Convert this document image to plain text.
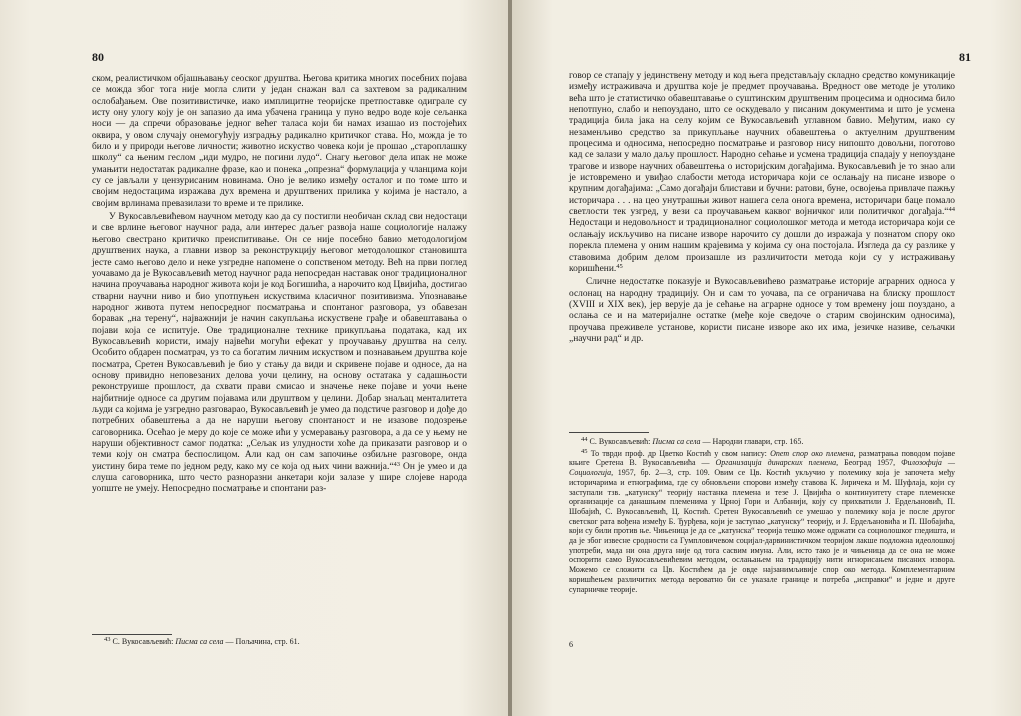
80

ском, реалистичком објашњавању сеоског друштва. Његова критика многих посебних појава се можда због тога није могла слити у један снажан вал са захтевом за радикалним ослобађањем. Ове позитивистичке, иако имплицитне теоријске претпоставке одиграле су исту ону улогу коју је он запазио да има убачена граница у пуно ведро воде које сељанка носи — да спречи образовање једног већег таласа који би намах изашао из постојећих оквира, у овом случају онемогућују изградњу радикално критичког става. Но, можда је то било и у природи његове личности; животно искуство човека који је прошао „староплашку школу“ са њеним геслом „иди мудро, не погини лудо“. Снагу његовог дела ипак не може умањити недостатак радикалне фразе, као и понека „опрезна“ формулација у чланцима који су се јављали у цензурисаним новинама. Оно је велико између осталог и по томе што и својим недостацима изражава дух времена и друштвених прилика у којима је настало, а својим врлинама превазилази то време и те прилике.

У Вукосављевићевом научном методу као да су постигли необичан склад сви недостаци и све врлине његовог научног рада, али интерес даљег развоја наше социологије налажу његово свестрано критичко преиспитивање. Он се није посебно бавио методологијом друштвених наука, а главни извор за реконструкцију његовог методолошког становишта јесте само његово дело и неке узгредне напомене о сопственом методу. Већ на први поглед уочавамо да је Вукосављевић метод научног рада непосредан наставак оног традиционалног начина проучавања народног живота који је код Богишића, а нарочито код Цвијића, достигао стварни научни ниво и био употпуњен искуствима класичног позитивизма. Упознавање народног живота путем непосредног посматрања и спонтаног разговора, уз обавезан боравак „на терену“, најважнији је начин сакупљања искуствене грађе и обавештавања о појави која се испитује. Ове традиционалне технике прикупљања података, кад их Вукосављевић користи, имају највећи могући ефекат у проучавању друштва на селу. Особито обдарен посматрач, уз то са богатим личним искуством и познавањем друштва које посматра, Сретен Вукосављевић је био у стању да види и скривене појаве и односе, да на основу привидно неповезаних делова уочи целину, на основу остатака у садашњости реконструише прошлост, да схвати прави смисао и значење неке појаве и уочи њене најбитније односе са другим појавама или друштвом у целини. Добар знаљац менталитета људи са којима је узгредно разговарао, Вукосављевић је умео да подстиче разговор и дође до потребних обавештења а да не наруши његову спонтаност и не изазове подозрење саговорника. Осећао је меру до које се може ићи у усмеравању разговора, а да се у њему не наруши објективност самог податка: „Сељак из улудности хоће да приказати разговор и о теми коју он сматра беспослицом. Али кад он сам започиње озбиљне разговоре, онда уистину бира теме по једном реду, како му се која од њих чини важнија.“$^{43}$ Он је умео и да слуша саговорника, што често разноразни анкетари који залазе у шире слојеве народа уопште не умеју. Непосредно посматрање и спонтани раз-

$^{43}$ С. Вукосављевић: Писма са села — Пољачина, стр. 61.

81

говор се стапају у јединствену методу и код њега представљају складно средство комуникације између истраживача и друштва које је предмет проучавања. Вредност ове методе је утолико већа што је статистичко обавештавање о суштинским друштвеним процесима и односима било непотпуно, слабо и непоуздано, што се оскудевало у писаним документима и што је усмена традиција била јака на селу којим се Вукосављевић углавном бавио. Међутим, иако су незаменљиво средство за прикупљање научних обавештења о актуелним друштвеним процесима и односима, непосредно посматрање и разговор нису нипошто довољни, поготово кад се залази у мало даљу прошлост. Народно сећање и усмена традиција спадају у непоуздане трагове и изворе научних обавештења о историјским догађајима. Вукосављевић је то знао али је истовремено и увиђао слабости метода историчара који се ослањају на писане изворе о крупним догађајима: „Само догађаји блистави и бучни: ратови, буне, освојења привлаче пажњу историчара . . . на цео унутрашњи живот нашега села онога времена, историчари баце помало светлости тек узгред, у вези са проучавањем каквог војничког или политичког догађаја.“$^{44}$ Недостаци и недовољност и традиционалног социолошког метода и метода историчара који се ослањају искључиво на писане изворе нарочито су дошли до изражаја у познатом спору око порекла племена у оним нашим крајевима у којима су она постојала. Изгледа да су разлике у ставовима добрим делом произашле из различитости метода који су у истраживању коришћени.$^{45}$

Сличне недостатке показује и Вукосављевићево разматрање историје аграрних односа у ослонац на народну традицију. Он и сам то уочава, па се ограничава на блиску прошлост (XVIII и XIX век), јер верује да је сећање на аграрне односе у том времену још поуздано, а ослања се и на материјалне остатке (међе које сведоче о старим својинским односима), проучава преживеле установе, користи писане изворе ако их има, језичке називе, сељачки „научни рад“ и др.

$^{44}$ С. Вукосављевић: Писма са села — Народни главари, стр. 165.

$^{45}$ То тврди проф. др Цветко Костић у свом напису: Опет спор око племена, разматрања поводом појаве књиге Сретена В. Вукосављевића — Организација динарских племена, Београд 1957, Филозофија — Социологија, 1957, бр. 2—3, стр. 109. Овим се Цв. Костић укључио у полемику која је започета међу историчарима и етнографима, где су обновљени спорови између ставова К. Јиричека и М. Шуфлаја, који су заступали тзв. „катунску“ теорију настанка племена и тезе Ј. Цвијића о континуитету старе племенске организације са данашњим племенима у Црној Гори и Албанији, коју су прихватили Ј. Ердељановић, П. Шобајић, С. Вукосављевић, Ц. Костић. Сретен Вукосављевић се умешао у полемику која је после другог светског рата вођена између Б. Ђурђева, који је заступао „катунску“ теорију, и Ј. Ердељановића и П. Шобајића, који су били против ње. Чињеница је да се „катунска“ теорија тешко може одржати са социолошког гледишта, и да је због извесне сродности са Гумпловичевом социјал-дарвинистичком теоријом лакше подложна идеолошкој употреби, мада ни она друга није од тога сасвим имуна. Али, исто тако је и чињеница да се она не може оспорити само Вукосављевићевим методом, ослањањем на традицију нити игнорисањем писаних извора. Можемо се сложити са Цв. Костићем да је овде најзанимљивије спор око метода. Комплементарним коришћењем различитих метода вероватно би се указале границе и потреба „исправки“ и једне и друге супарничке теорије.

6
